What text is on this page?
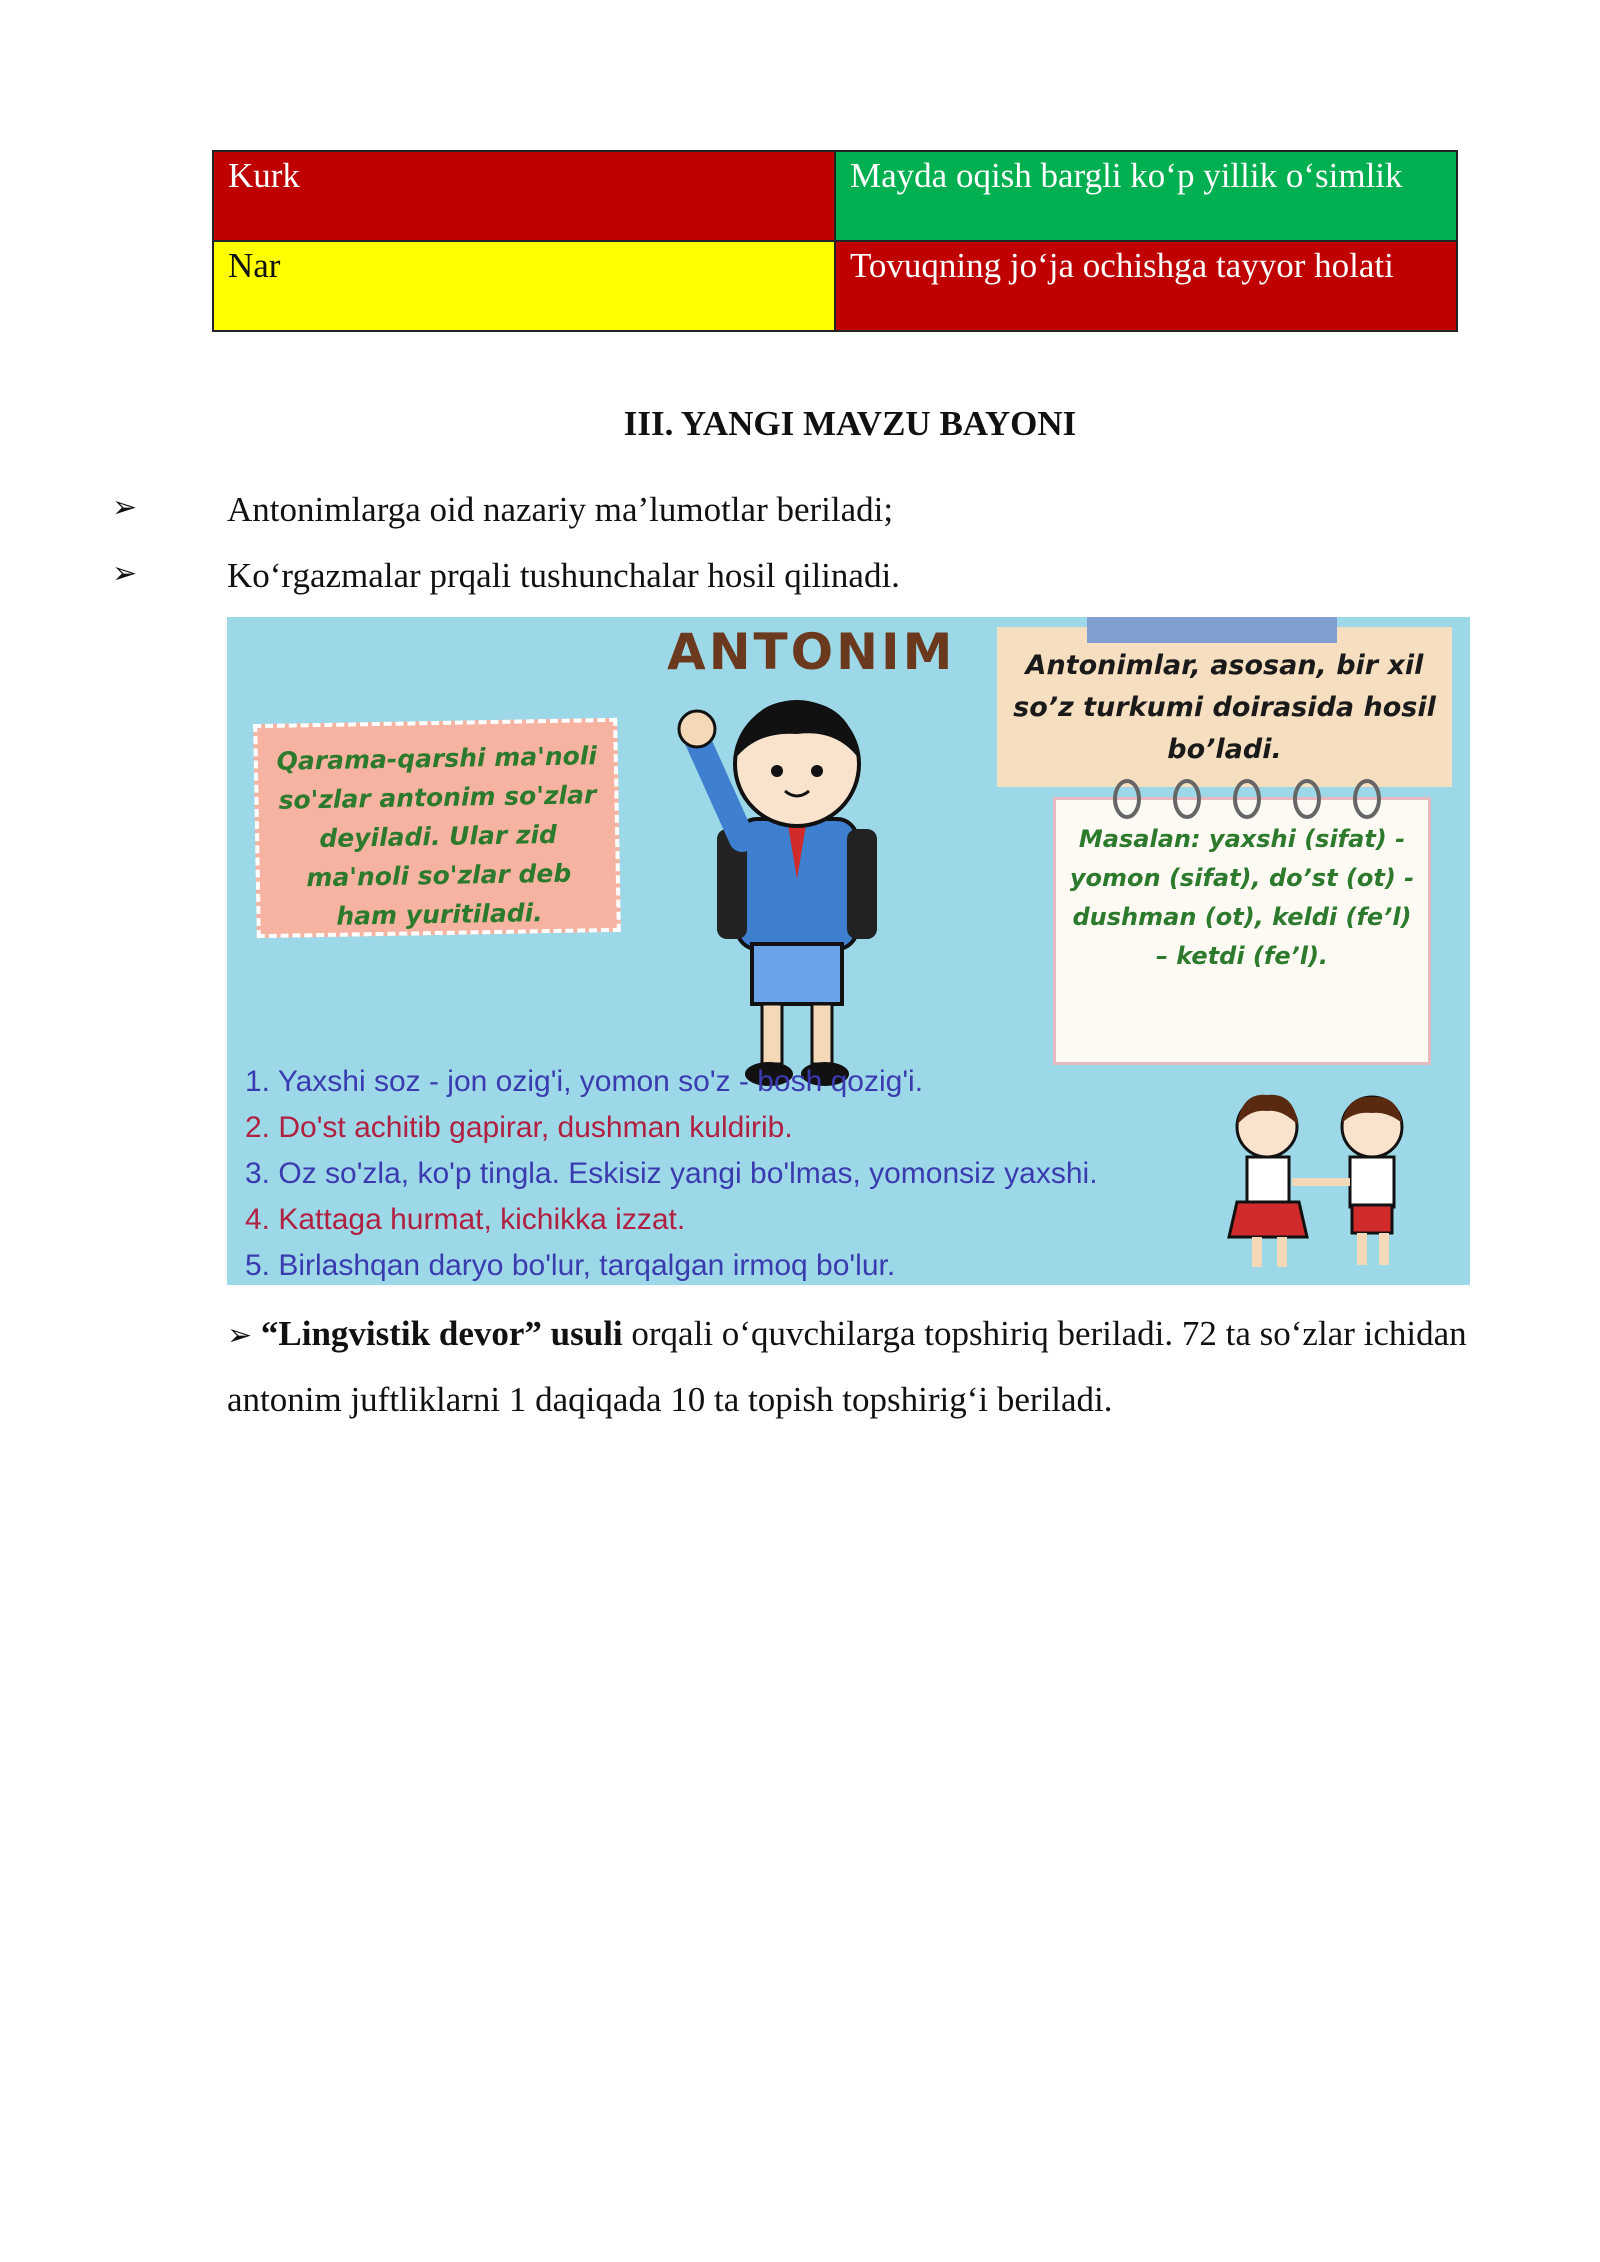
Kurk	Mayda oqish bargli ko‘p yillik o‘simlik
Nar	Tovuqning jo‘ja ochishga tayyor holati
III. YANGI MAVZU BAYONI
➢	Antonimlarga oid nazariy ma’lumotlar beriladi;
➢	Ko‘rgazmalar prqali tushunchalar hosil qilinadi.
ANTONIM
Qarama-qarshi ma'noli so'zlar antonim so'zlar deyiladi. Ular zid ma'noli so'zlar deb ham yuritiladi.
Antonimlar, asosan, bir xil so’z turkumi doirasida hosil bo’ladi.
Masalan: yaxshi (sifat) - yomon (sifat), do’st (ot) - dushman (ot), keldi (fe’l) – ketdi (fe’l).
1. Yaxshi soz - jon ozig'i, yomon so'z - bosh qozig'i.
2. Do'st achitib gapirar, dushman kuldirib.
3. Oz so'zla, ko'p tingla. Eskisiz yangi bo'lmas, yomonsiz yaxshi.
4. Kattaga hurmat, kichikka izzat.
5. Birlashqan daryo bo'lur, tarqalgan irmoq bo'lur.
➢ “Lingvistik devor” usuli orqali o‘quvchilarga topshiriq beriladi. 72 ta so‘zlar ichidan antonim juftliklarni 1 daqiqada 10 ta topish topshirig‘i beriladi.
